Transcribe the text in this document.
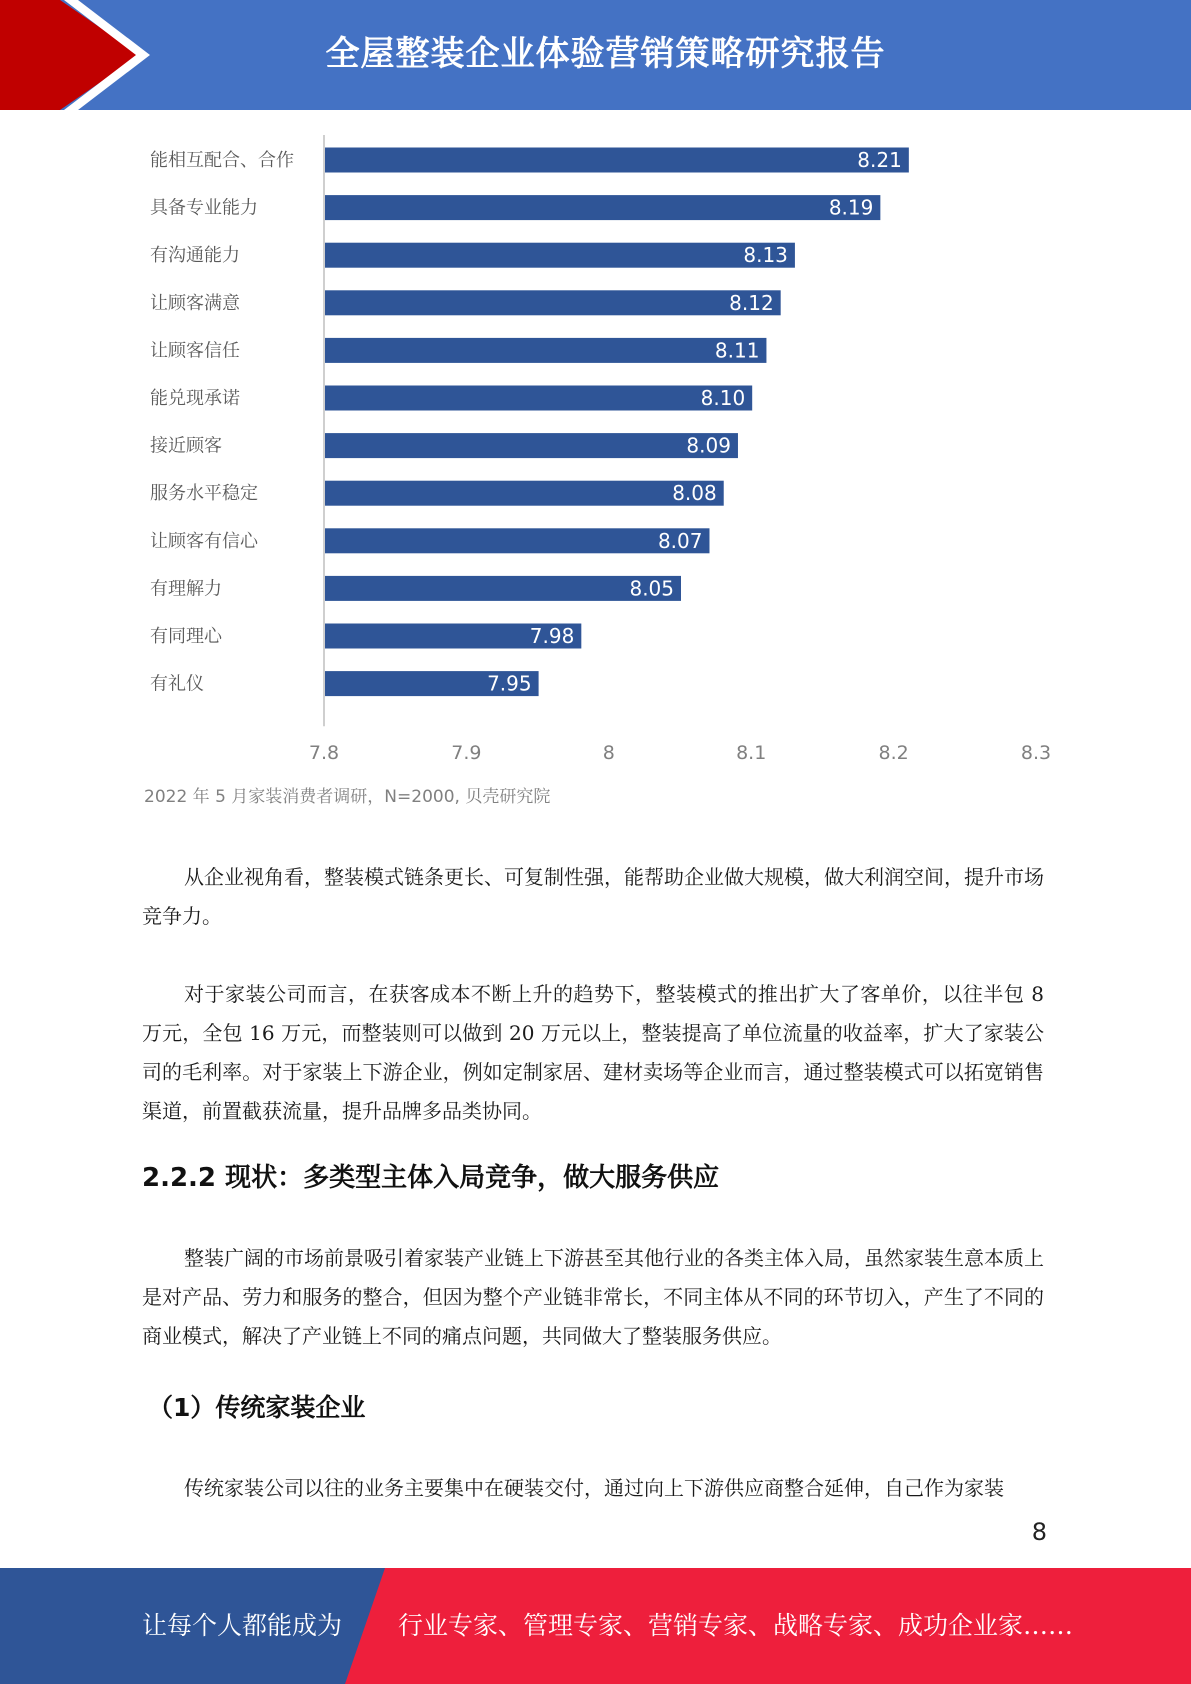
全屋整装企业体验营销策略研究报告
8.21
能相互配合、合作
8.19
具备专业能力
8.13
有沟通能力
8.12
让顾客满意
8.11
让顾客信任
8.10
能兑现承诺
8.09
接近顾客
8.08
服务水平稳定
8.07
让顾客有信心
8.05
有理解力
7.98
有同理心
7.95
有礼仪
7.8	7.9	8	8.1	8.2	8.3
2022 年 5 月家装消费者调研，N=2000, 贝壳研究院

从企业视角看，整装模式链条更长、可复制性强，能帮助企业做大规模，做大利润空间，提升市场竞争力。

对于家装公司而言，在获客成本不断上升的趋势下，整装模式的推出扩大了客单价，以往半包 8 万元，全包 16 万元，而整装则可以做到 20 万元以上，整装提高了单位流量的收益率，扩大了家装公司的毛利率。对于家装上下游企业，例如定制家居、建材卖场等企业而言，通过整装模式可以拓宽销售渠道，前置截获流量，提升品牌多品类协同。

2.2.2 现状：多类型主体入局竞争，做大服务供应

整装广阔的市场前景吸引着家装产业链上下游甚至其他行业的各类主体入局，虽然家装生意本质上是对产品、劳力和服务的整合，但因为整个产业链非常长，不同主体从不同的环节切入，产生了不同的商业模式，解决了产业链上不同的痛点问题，共同做大了整装服务供应。

（1）传统家装企业

传统家装公司以往的业务主要集中在硬装交付，通过向上下游供应商整合延伸，自己作为家装

8
让每个人都能成为 行业专家、管理专家、营销专家、战略专家、成功企业家……
